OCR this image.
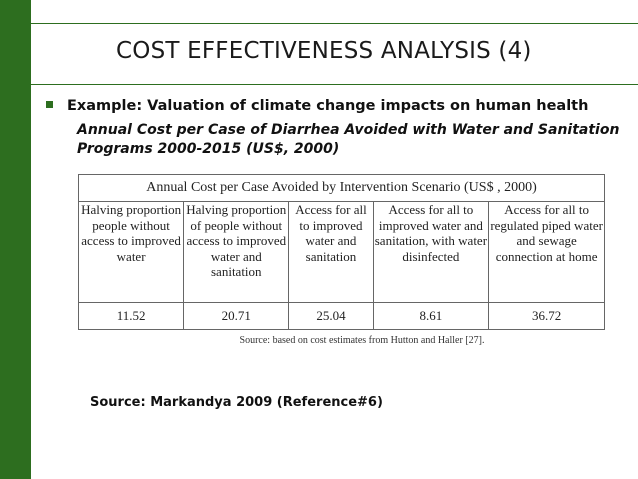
COST EFFECTIVENESS ANALYSIS (4)
Example: Valuation of climate change impacts on human health
Annual Cost per Case of Diarrhea Avoided with Water and Sanitation Programs 2000-2015 (US$, 2000)
Annual Cost per Case Avoided by Intervention Scenario (US$ , 2000)				
Halving proportion people without access to improved water	Halving proportion of people without access to improved water and sanitation	Access for all to improved water and sanitation	Access for all to improved water and sanitation, with water disinfected	Access for all to regulated piped water and sewage connection at home
11.52	20.71	25.04	8.61	36.72
Source: based on cost estimates from Hutton and Haller [27].
Source: Markandya 2009 (Reference#6)
